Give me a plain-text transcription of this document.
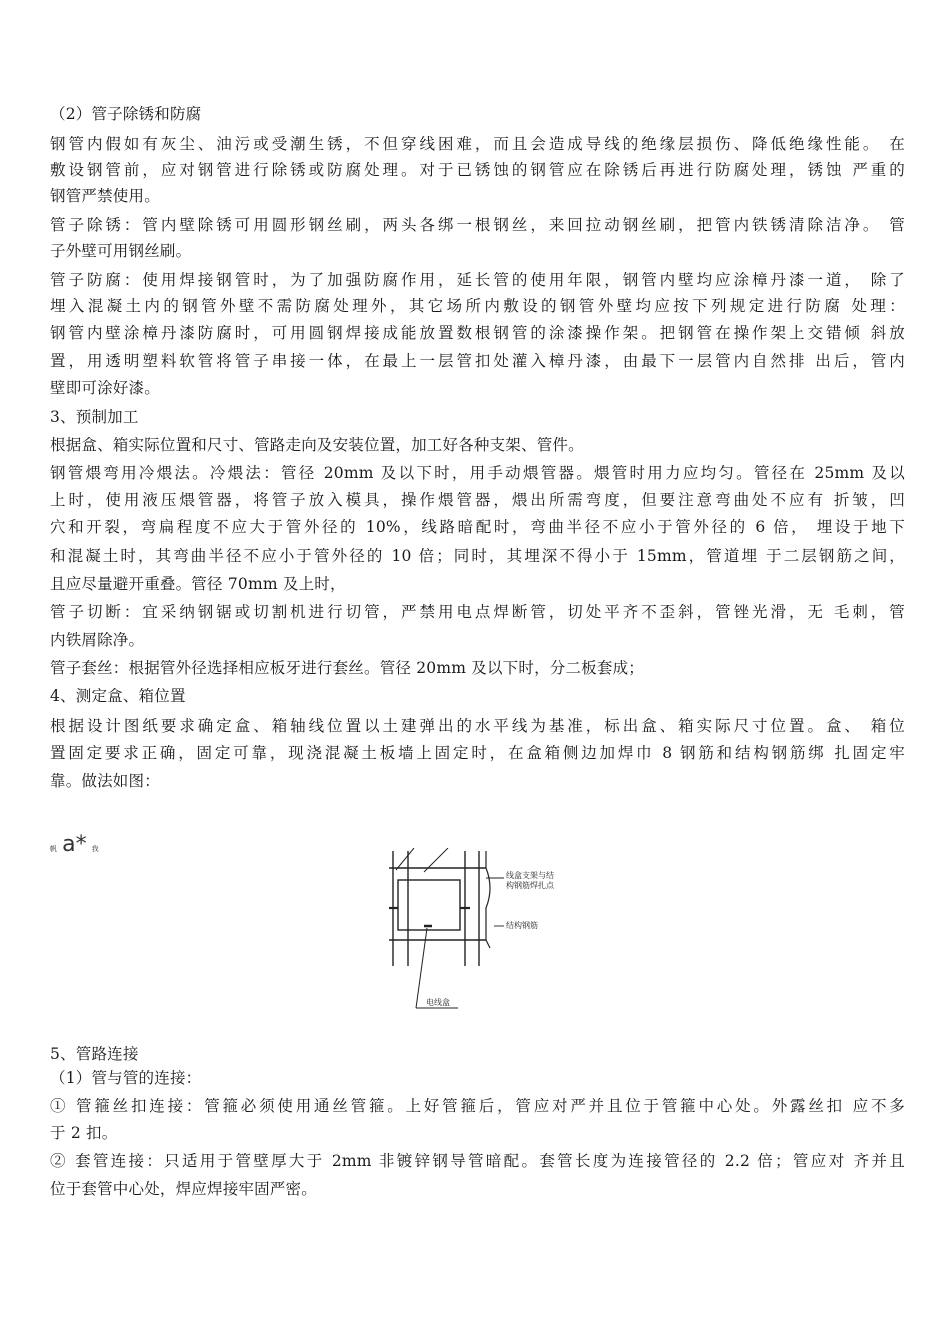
（2）管子除锈和防腐
钢管内假如有灰尘、油污或受潮生锈，不但穿线困难，而且会造成导线的绝缘层损伤、降低绝缘性能。 在
敷设钢管前，应对钢管进行除锈或防腐处理。对于已锈蚀的钢管应在除锈后再进行防腐处理，锈蚀 严重的
钢管严禁使用。
管子除锈：管内壁除锈可用圆形钢丝刷，两头各绑一根钢丝，来回拉动钢丝刷，把管内铁锈清除洁净。 管
子外壁可用钢丝刷。
管子防腐：使用焊接钢管时，为了加强防腐作用，延长管的使用年限，钢管内壁均应涂樟丹漆一道， 除了
埋入混凝土内的钢管外壁不需防腐处理外，其它场所内敷设的钢管外壁均应按下列规定进行防腐 处理：
钢管内壁涂樟丹漆防腐时，可用圆钢焊接成能放置数根钢管的涂漆操作架。把钢管在操作架上交错倾 斜放
置，用透明塑料软管将管子串接一体，在最上一层管扣处灌入樟丹漆，由最下一层管内自然排 出后，管内
壁即可涂好漆。
3、预制加工
根据盒、箱实际位置和尺寸、管路走向及安装位置，加工好各种支架、管件。
钢管煨弯用冷煨法。冷煨法：管径 20mm 及以下时，用手动煨管器。煨管时用力应均匀。管径在 25mm 及以
上时，使用液压煨管器，将管子放入模具，操作煨管器，煨出所需弯度，但要注意弯曲处不应有 折皱，凹
穴和开裂，弯扁程度不应大于管外径的 10%，线路暗配时，弯曲半径不应小于管外径的 6 倍， 埋设于地下
和混凝土时，其弯曲半径不应小于管外径的 10 倍；同时，其埋深不得小于 15mm，管道埋 于二层钢筋之间，
且应尽量避开重叠。管径 70mm 及上时，
管子切断：宜采纳钢锯或切割机进行切管，严禁用电点焊断管，切处平齐不歪斜，管锉光滑，无 毛刺，管
内铁屑除净。
管子套丝：根据管外径选择相应板牙进行套丝。管径 20mm 及以下时，分二板套成；
4、测定盒、箱位置
根据设计图纸要求确定盒、箱轴线位置以土建弹出的水平线为基准，标出盒、箱实际尺寸位置。盒、 箱位
置固定要求正确，固定可靠，现浇混凝土板墙上固定时，在盒箱侧边加焊巾 8 钢筋和结构钢筋绑 扎固定牢
靠。做法如图：
帆 a* 我
线盒支架与结
构钢筋焊扎点
结构钢筋
电线盒
5、管路连接
（1）管与管的连接：
① 管箍丝扣连接：管箍必须使用通丝管箍。上好管箍后，管应对严并且位于管箍中心处。外露丝扣 应不多
于 2 扣。
② 套管连接：只适用于管壁厚大于 2mm 非镀锌钢导管暗配。套管长度为连接管径的 2.2 倍；管应对 齐并且
位于套管中心处，焊应焊接牢固严密。
